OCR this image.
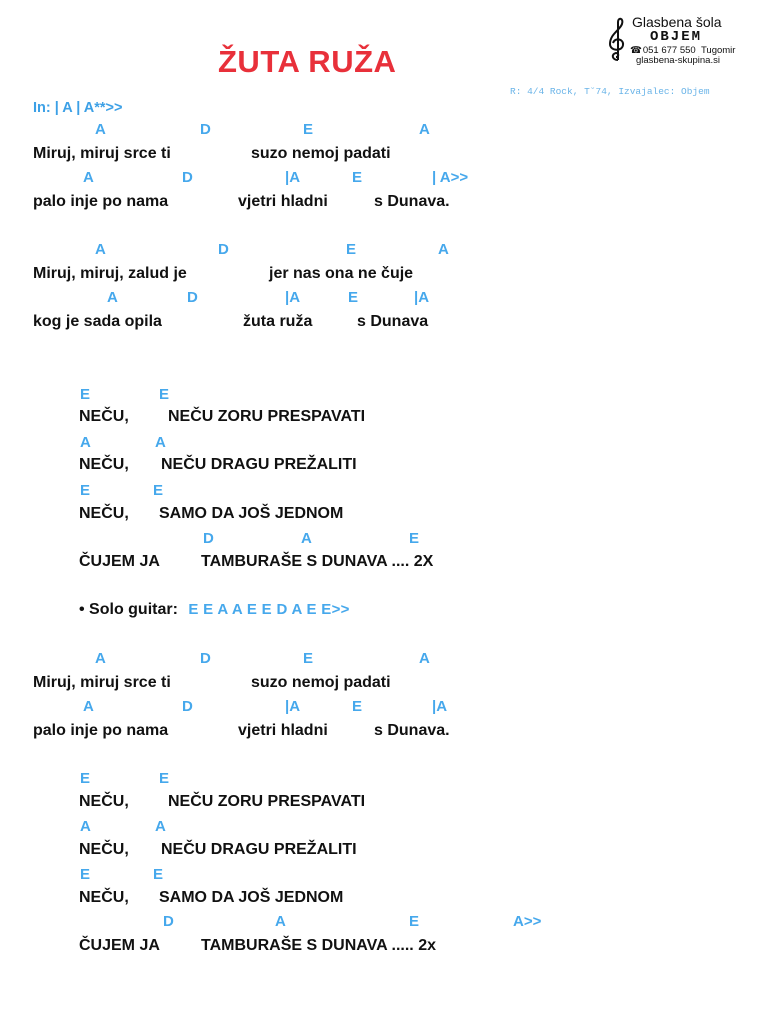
ŽUTA RUŽA
R: 4/4 Rock, T˘74, Izvajalec: Objem
Glasbena šola
OBJEM
☎051 677 550 Tugomir
glasbena-skupina.si
In: | A | A**>>
A	D	E	A
Miruj, miruj srce ti	suzo nemoj padati
A	D	|A	E	| A>>
palo inje po nama	vjetri hladni	s Dunava.
A	D	E	A
Miruj, miruj, zalud je	jer nas ona ne čuje
A	D	|A	E	|A
kog je sada opila	žuta ruža	s Dunava
E	E
NEČU, NEČU ZORU PRESPAVATI
A	A
NEČU, NEČU DRAGU PREŽALITI
E	E
NEČU, SAMO DA JOŠ JEDNOM
D	A	E
ČUJEM JA	TAMBURAŠE S DUNAVA .... 2X
A	D	E	A
Miruj, miruj srce ti	suzo nemoj padati
A	D	|A	E	|A
palo inje po nama	vjetri hladni	s Dunava.
E	E
NEČU, NEČU ZORU PRESPAVATI
A	A
NEČU, NEČU DRAGU PREŽALITI
E	E
NEČU, SAMO DA JOŠ JEDNOM
D	A	E	A>>
ČUJEM JA	TAMBURAŠE S DUNAVA ..... 2x
• Solo guitar: E E A A E E D A E E>>
